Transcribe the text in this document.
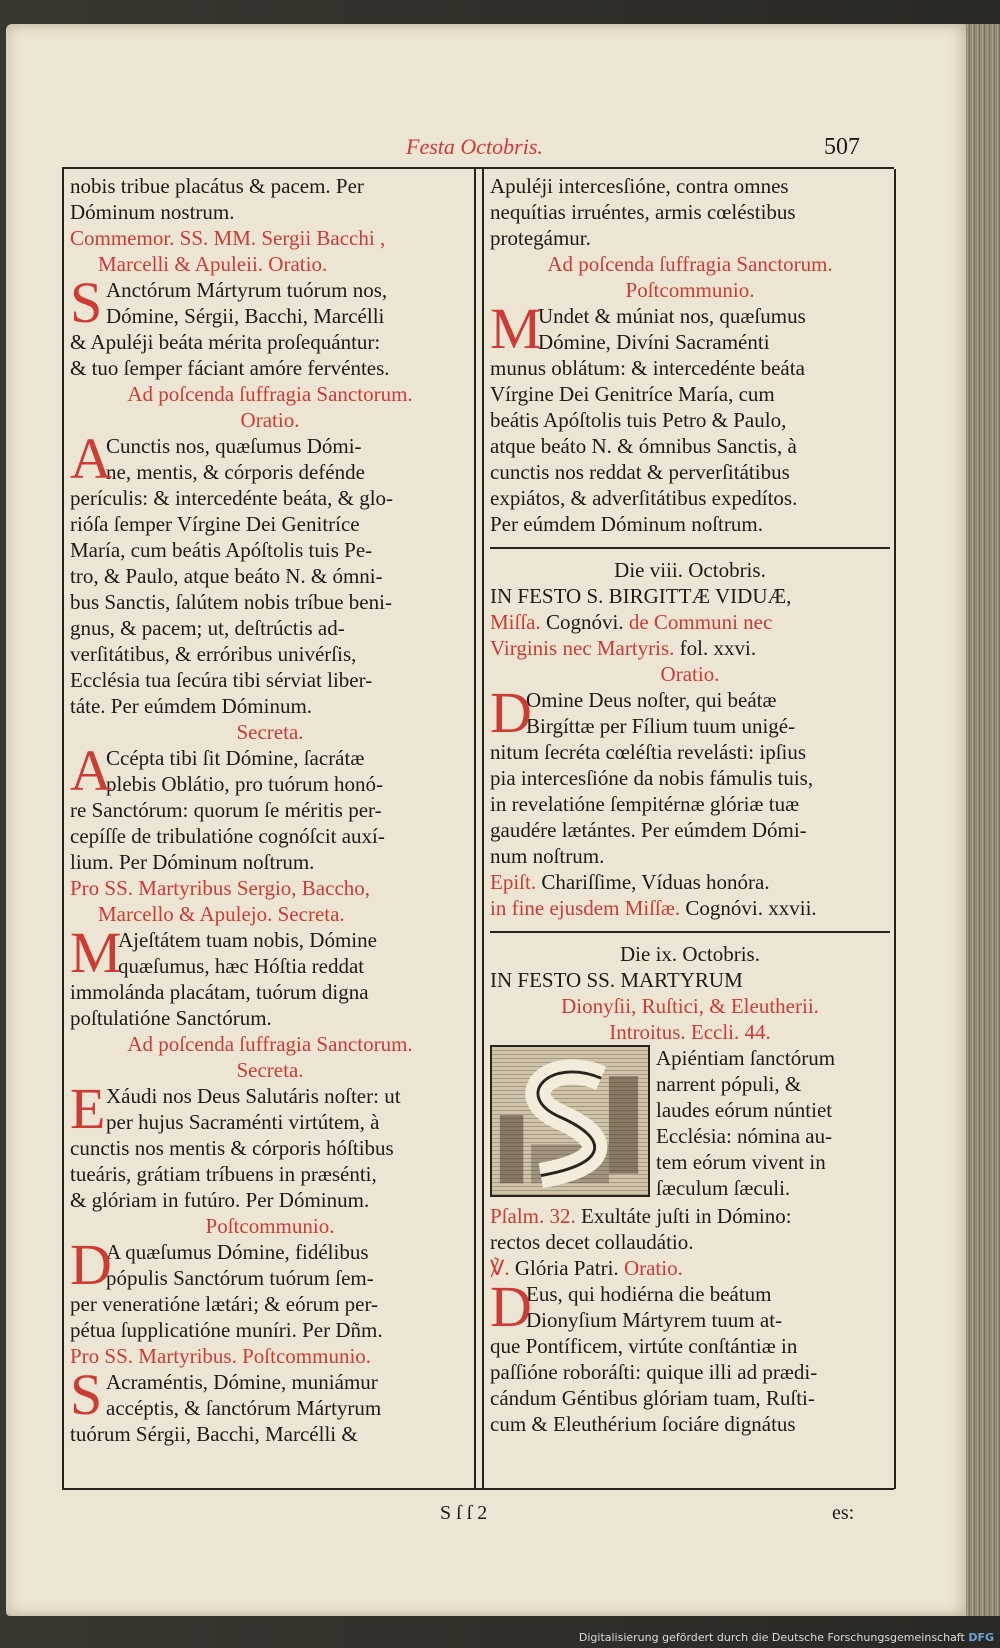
Festa Octobris.	507
nobis tribue placátus & pacem. Per
Dóminum nostrum.
Commemor. SS. MM. Sergii Bacchi ,
Marcelli & Apuleii. Oratio.
S Anctórum Mártyrum tuórum nos,
Dómine, Sérgii, Bacchi, Marcélli
& Apuléji beáta mérita proſequántur:
& tuo ſemper fáciant amóre fervéntes.
Ad poſcenda ſuffragia Sanctorum.
Oratio.
A
Cunctis nos, quæſumus Dómi-
ne, mentis, & córporis defénde
perículis: & intercedénte beáta, & glo-
rióſa ſemper Vírgine Dei Genitríce
María, cum beátis Apóſtolis tuis Pe-
tro, & Paulo, atque beáto N. & ómni-
bus Sanctis, ſalútem nobis tríbue beni-
gnus, & pacem; ut, deſtrúctis ad-
verſitátibus, & erróribus univérſis,
Ecclésia tua ſecúra tibi sérviat liber-
táte. Per eúmdem Dóminum.
Secreta.
A
Ccépta tibi ſit Dómine, ſacrátæ
plebis Oblátio, pro tuórum honó-
re Sanctórum: quorum ſe méritis per-
cepíſſe de tribulatióne cognóſcit auxí-
lium. Per Dóminum noſtrum.
Pro SS. Martyribus Sergio, Baccho,
Marcello & Apulejo. Secreta.
M
Ajeſtátem tuam nobis, Dómine
quæſumus, hæc Hóſtia reddat
immolánda placátam, tuórum digna
poſtulatióne Sanctórum.
Ad poſcenda ſuffragia Sanctorum.
Secreta.
E Xáudi nos Deus Salutáris noſter: ut
per hujus Sacraménti virtútem, à
cunctis nos mentis & córporis hóſtibus
tueáris, grátiam tríbuens in præsénti,
& glóriam in futúro. Per Dóminum.
Poſtcommunio.
D
A quæſumus Dómine, fidélibus
pópulis Sanctórum tuórum ſem-
per veneratióne lætári; & eórum per-
pétua ſupplicatióne muníri. Per Dñm.
Pro SS. Martyribus. Poſtcommunio.
S Acraméntis, Dómine, muniámur
accéptis, & ſanctórum Mártyrum
tuórum Sérgii, Bacchi, Marcélli &
Apuléji intercesſióne, contra omnes
nequítias irruéntes, armis cœléstibus
protegámur.
Ad poſcenda ſuffragia Sanctorum.
Poſtcommunio.
M
Undet & múniat nos, quæſumus
Dómine, Divíni Sacraménti
munus oblátum: & intercedénte beáta
Vírgine Dei Genitríce María, cum
beátis Apóſtolis tuis Petro & Paulo,
atque beáto N. & ómnibus Sanctis, à
cunctis nos reddat & perverſitátibus
expiátos, & adverſitátibus expedítos.
Per eúmdem Dóminum noſtrum.
Die viii. Octobris.
IN FESTO S. BIRGITTÆ VIDUÆ,
Miſſa. Cognóvi. de Communi nec
Virginis nec Martyris. fol. xxvi.
Oratio.
D
Omine Deus noſter, qui beátæ
Birgíttæ per Fílium tuum unigé-
nitum ſecréta cœléſtia revelásti: ipſius
pia intercesſióne da nobis fámulis tuis,
in revelatióne ſempitérnæ glóriæ tuæ
gaudére lætántes. Per eúmdem Dómi-
num noſtrum.
Epiſt. Chariſſime, Víduas honóra.
in fine ejusdem Miſſæ. Cognóvi. xxvii.
Die ix. Octobris.
IN FESTO SS. MARTYRUM
Dionyſii, Ruſtici, & Eleutherii.
Introitus. Eccli. 44.
Apiéntiam ſanctórum
narrent pópuli, &
laudes eórum núntiet
Ecclésia: nómina au-
tem eórum vivent in
ſæculum ſæculi.
Pſalm. 32. Exultáte juſti in Dómino:
rectos decet collaudátio.
℣. Glória Patri. Oratio.
D
Eus, qui hodiérna die beátum
Dionyſium Mártyrem tuum at-
que Pontíficem, virtúte conſtántiæ in
paſſióne roboráſti: quique illi ad prædi-
cándum Géntibus glóriam tuam, Ruſti-
cum & Eleuthérium ſociáre dignátus
S ſ ſ 2	es:
Digitalisierung gefördert durch die Deutsche Forschungsgemeinschaft DFG
